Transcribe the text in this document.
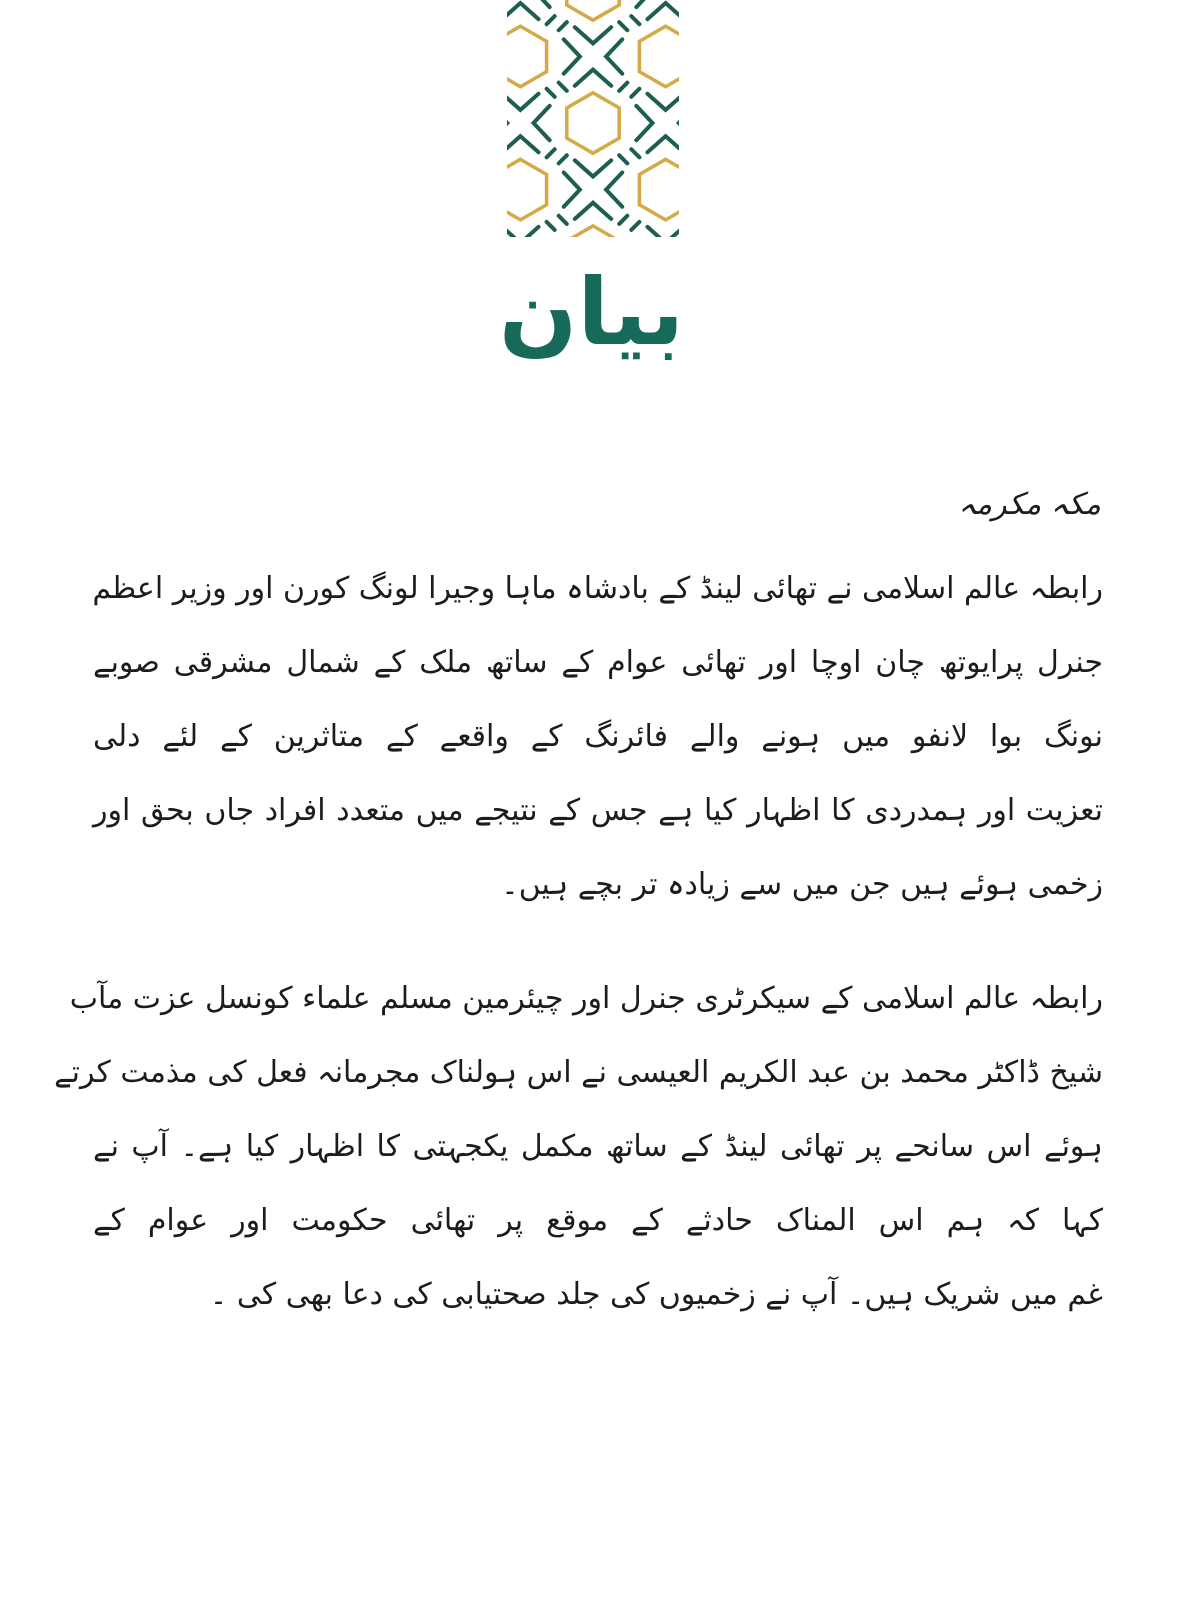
بیان
مکہ مکرمہ
رابطہ عالم اسلامی نے تھائی لینڈ کے بادشاہ ماہا وجیرا لونگ کورن اور وزیر اعظم
جنرل پرایوتھ چان اوچا اور تھائی عوام کے ساتھ ملک کے شمال مشرقی صوبے
نونگ بوا لانفو میں ہونے والے فائرنگ کے واقعے کے متاثرین کے لئے دلی
تعزیت اور ہمدردی کا اظہار کیا ہے جس کے نتیجے میں متعدد افراد جاں بحق اور
زخمی ہوئے ہیں جن میں سے زیادہ تر بچے ہیں۔
رابطہ عالم اسلامی کے سیکرٹری جنرل اور چیئرمین مسلم علماء کونسل عزت مآب
شیخ ڈاکٹر محمد بن عبد الکریم العیسی نے اس ہولناک مجرمانہ فعل کی مذمت کرتے
ہوئے اس سانحے پر تھائی لینڈ کے ساتھ مکمل یکجہتی کا اظہار کیا ہے۔ آپ نے
کہا کہ ہم اس المناک حادثے کے موقع پر تھائی حکومت اور عوام کے
غم میں شریک ہیں۔ آپ نے زخمیوں کی جلد صحتیابی کی دعا بھی کی ۔
